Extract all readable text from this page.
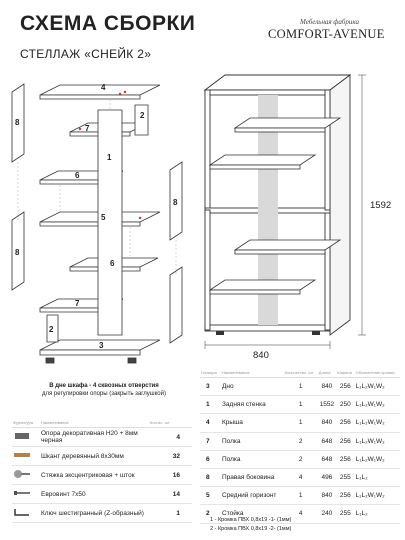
СХЕМА СБОРКИ
СТЕЛЛАЖ «СНЕЙК 2»
Мебельная фабрика
COMFORT-AVENUE
4
2
7
1
8
6
8
5
8
6
2
7
3
1592
840
В дне шкафа - 4 сквозных отверстия
для регулировки опоры (закрыть заглушкой)
Позиция	Наименование	Количество, шт	Длина	Ширина	Обозначение кромки
3	Дно	1	840	256	L₁L₂W₁W₂
1	Задняя стенка	1	1552	250	L₁L₂W₁W₂
4	Крыша	1	840	256	L₁L₂W₁W₂
7	Полка	2	648	256	L₁L₂W₁W₂
6	Полка	2	648	256	L₁L₂W₁W₂
8	Правая боковина	4	496	255	L₁L₂
5	Средний горизонт	1	840	256	L₁L₂W₁W₂
2	Стойка	4	240	255	L₁L₂
Фурнитура	Наименование	Кол-во, шт
	Опора декоративная Н20 + 8мм черная	4
	Шкант деревянный 8х30мм	32
	Стяжка эксцентриковая + шток	16
	Евровинт 7х50	14
	Ключ шестигранный (Z-образный)	1
1 - Кромка ПВХ 0,8х19 -1- (1мм)
2 - Кромка ПВХ 0,8х19 -2- (1мм)
